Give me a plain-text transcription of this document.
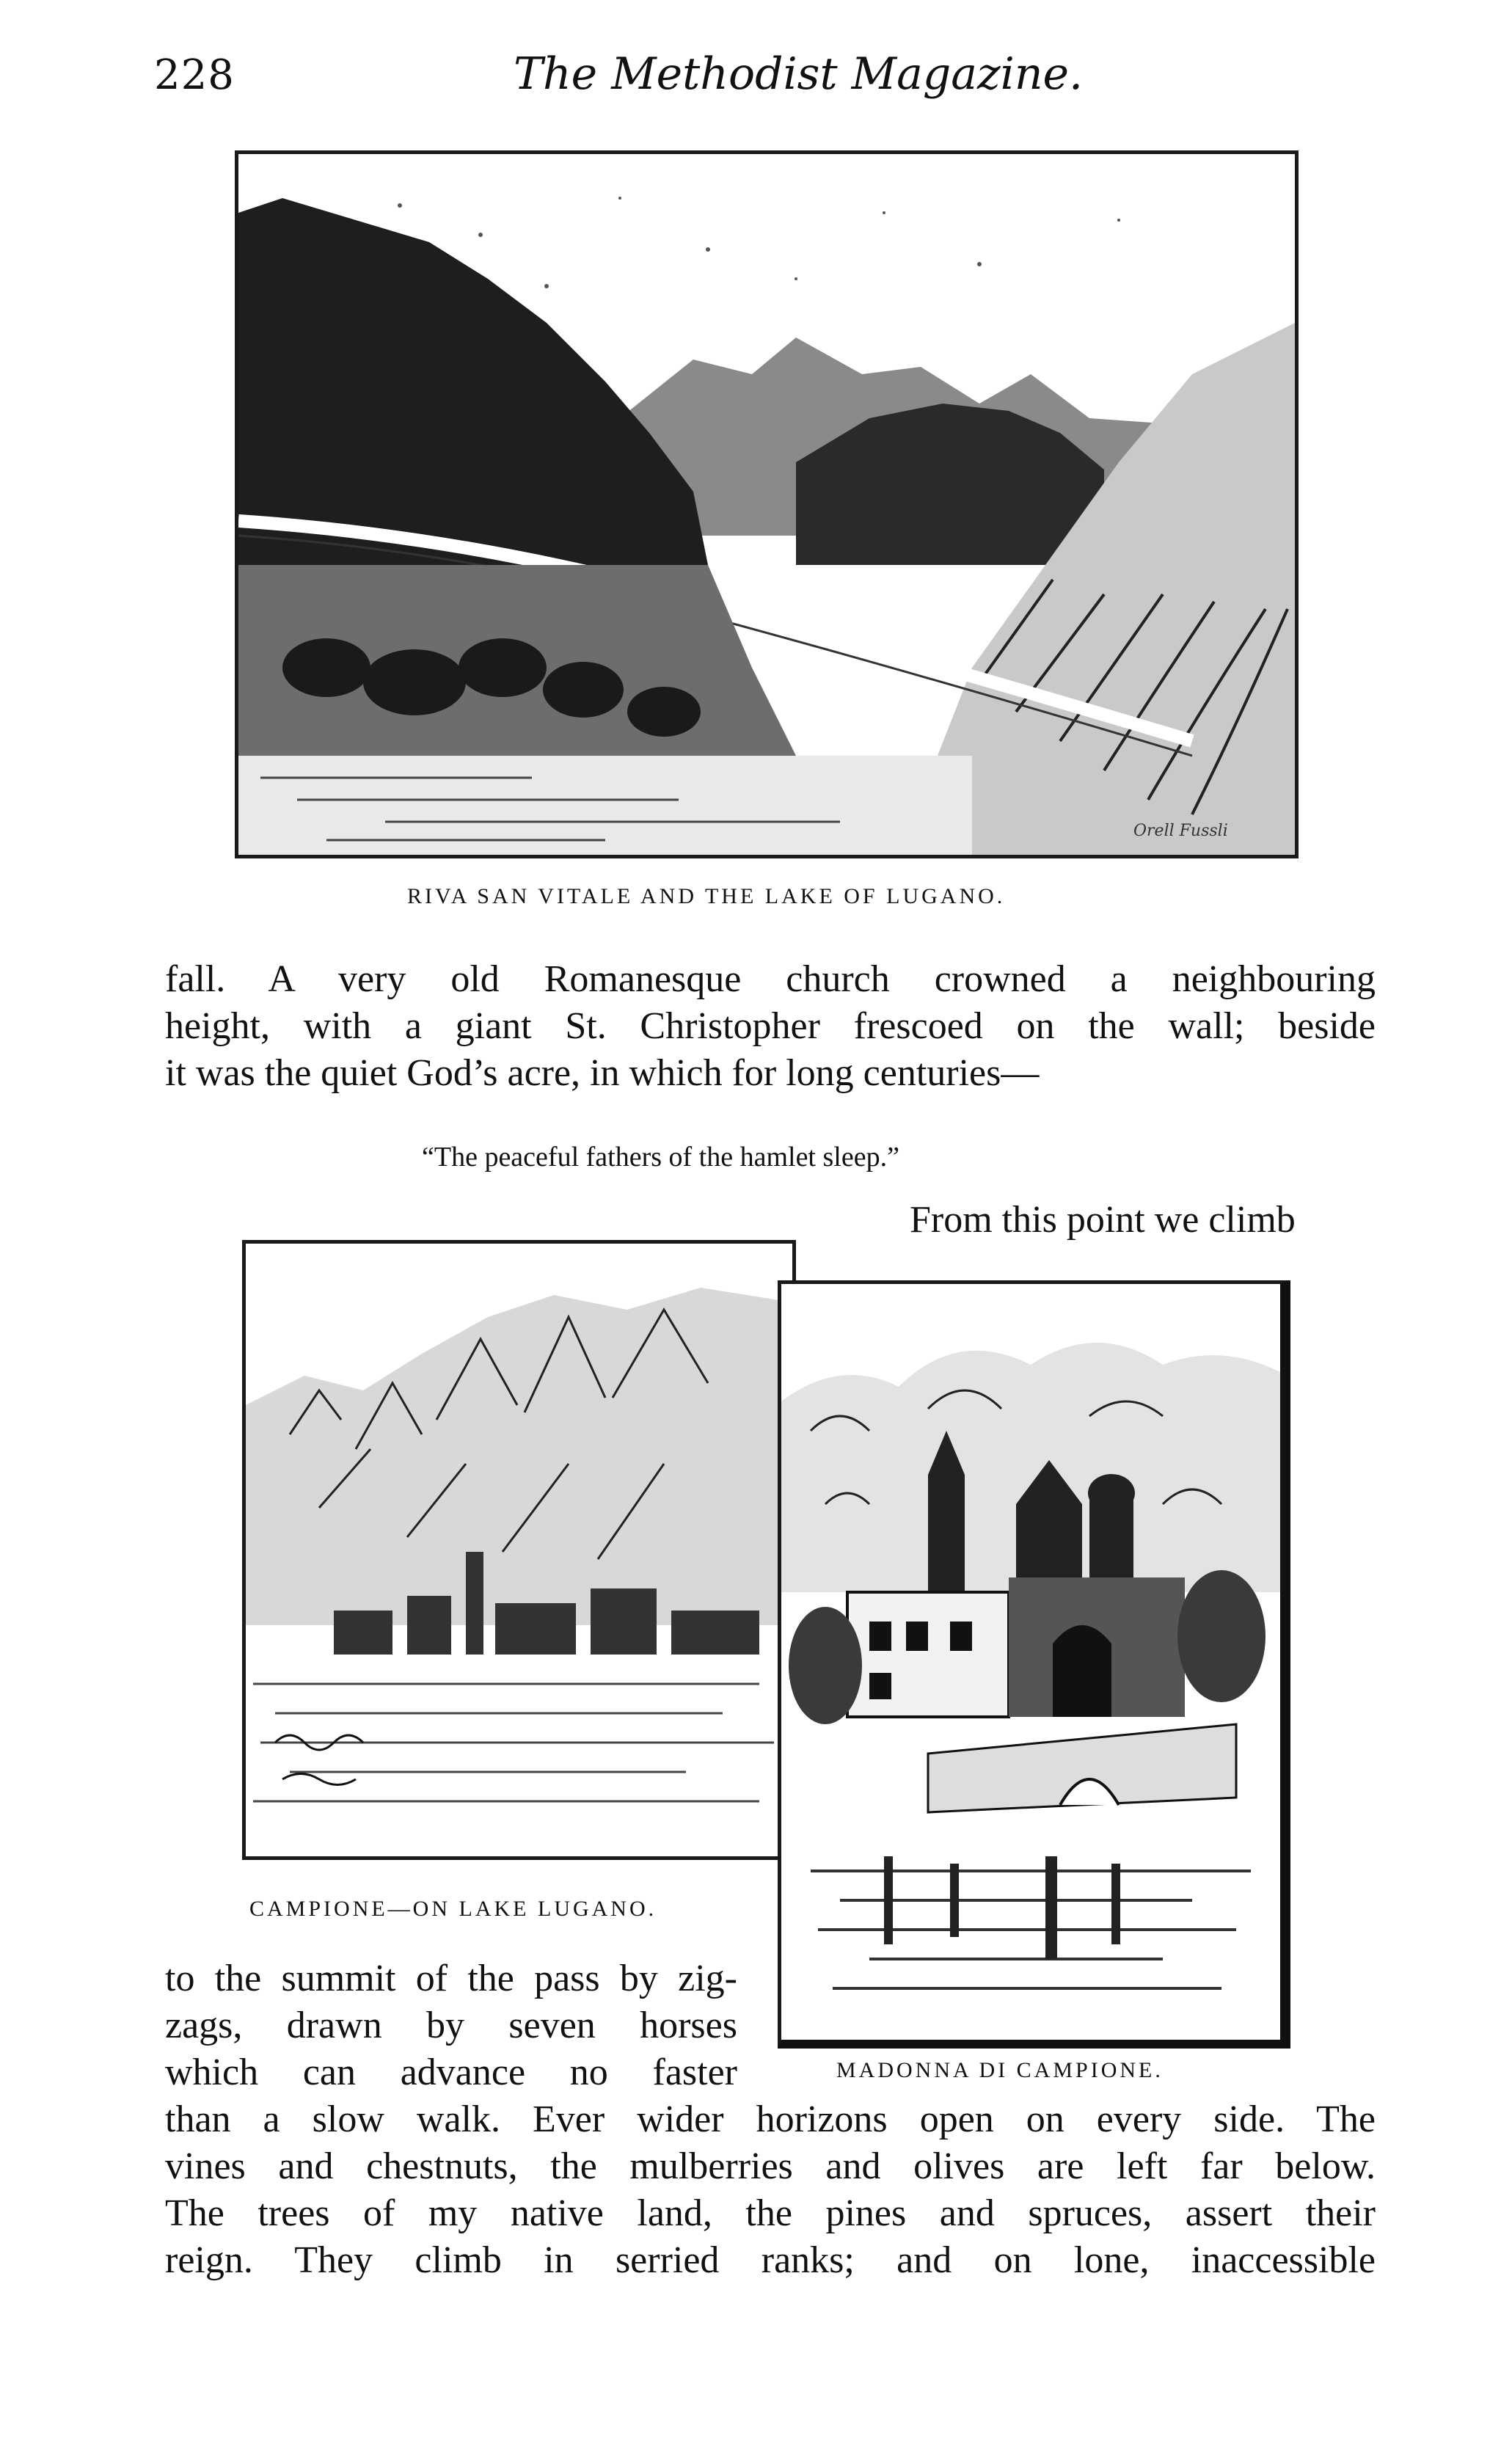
228	The Methodist Magazine.
Orell Fussli
RIVA SAN VITALE AND THE LAKE OF LUGANO.
fall. A very old Romanesque church crowned a neighbouring
height, with a giant St. Christopher frescoed on the wall; beside
it was the quiet God’s acre, in which for long centuries—
“The peaceful fathers of the hamlet sleep.”
From this point we climb
CAMPIONE—ON LAKE LUGANO.
MADONNA DI CAMPIONE.
to the summit of the pass by zig-
zags, drawn by seven horses
which can advance no faster
than a slow walk. Ever wider horizons open on every side. The
vines and chestnuts, the mulberries and olives are left far below.
The trees of my native land, the pines and spruces, assert their
reign. They climb in serried ranks; and on lone, inaccessible
